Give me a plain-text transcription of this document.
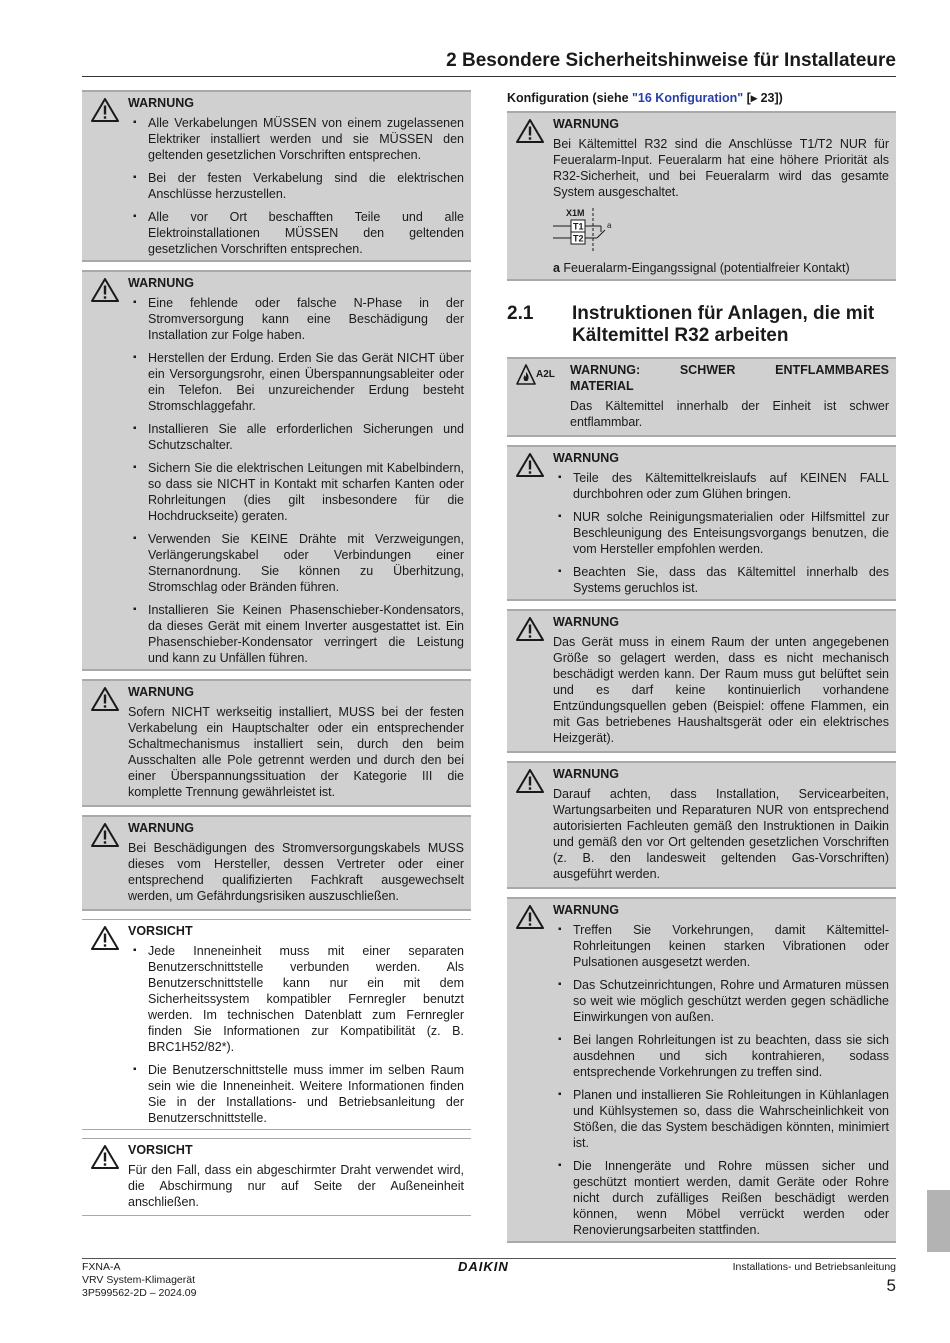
2 Besondere Sicherheitshinweise für Installateure
WARNUNG
▪ Alle Verkabelungen MÜSSEN von einem zugelassenen Elektriker installiert werden und sie MÜSSEN den geltenden gesetzlichen Vorschriften entsprechen.
▪ Bei der festen Verkabelung sind die elektrischen Anschlüsse herzustellen.
▪ Alle vor Ort beschafften Teile und alle Elektroinstallationen MÜSSEN den geltenden gesetzlichen Vorschriften entsprechen.
WARNUNG
▪ Eine fehlende oder falsche N-Phase in der Stromversorgung kann eine Beschädigung der Installation zur Folge haben.
▪ Herstellen der Erdung. Erden Sie das Gerät NICHT über ein Versorgungsrohr, einen Überspannungsableiter oder ein Telefon. Bei unzureichender Erdung besteht Stromschlaggefahr.
▪ Installieren Sie alle erforderlichen Sicherungen und Schutzschalter.
▪ Sichern Sie die elektrischen Leitungen mit Kabelbindern, so dass sie NICHT in Kontakt mit scharfen Kanten oder Rohrleitungen (dies gilt insbesondere für die Hochdruckseite) geraten.
▪ Verwenden Sie KEINE Drähte mit Verzweigungen, Verlängerungskabel oder Verbindungen einer Sternanordnung. Sie können zu Überhitzung, Stromschlag oder Bränden führen.
▪ Installieren Sie Keinen Phasenschieber-Kondensators, da dieses Gerät mit einem Inverter ausgestattet ist. Ein Phasenschieber-Kondensator verringert die Leistung und kann zu Unfällen führen.
WARNUNG

Sofern NICHT werkseitig installiert, MUSS bei der festen Verkabelung ein Hauptschalter oder ein entsprechender Schaltmechanismus installiert sein, durch den beim Ausschalten alle Pole getrennt werden und durch den bei einer Überspannungssituation der Kategorie III die komplette Trennung gewährleistet ist.

WARNUNG

Bei Beschädigungen des Stromversorgungskabels MUSS dieses vom Hersteller, dessen Vertreter oder einer entsprechend qualifizierten Fachkraft ausgewechselt werden, um Gefährdungsrisiken auszuschließen.

VORSICHT
▪ Jede Inneneinheit muss mit einer separaten Benutzerschnittstelle verbunden werden. Als Benutzerschnittstelle kann nur ein mit dem Sicherheitssystem kompatibler Fernregler benutzt werden. Im technischen Datenblatt zum Fernregler finden Sie Informationen zur Kompatibilität (z. B. BRC1H52/82*).
▪ Die Benutzerschnittstelle muss immer im selben Raum sein wie die Inneneinheit. Weitere Informationen finden Sie in der Installations- und Betriebsanleitung der Benutzerschnittstelle.
VORSICHT

Für den Fall, dass ein abgeschirmter Draht verwendet wird, die Abschirmung nur auf Seite der Außeneinheit anschließen.

Konfiguration (siehe "16 Konfiguration" [▸ 23])
WARNUNG

Bei Kältemittel R32 sind die Anschlüsse T1/T2 NUR für Feueralarm-Input. Feueralarm hat eine höhere Priorität als R32-Sicherheit, und bei Feueralarm wird das gesamte System ausgeschaltet.

X1M
T1
T2
a
a Feueralarm-Eingangssignal (potentialfreier Kontakt)
2.1 Instruktionen für Anlagen, die mit Kältemittel R32 arbeiten
A2L WARNUNG:	SCHWER	ENTFLAMMBARES
MATERIAL

Das Kältemittel innerhalb der Einheit ist schwer entflammbar.

WARNUNG
▪ Teile des Kältemittelkreislaufs auf KEINEN FALL durchbohren oder zum Glühen bringen.
▪ NUR solche Reinigungsmaterialien oder Hilfsmittel zur Beschleunigung des Enteisungsvorgangs benutzen, die vom Hersteller empfohlen werden.
▪ Beachten Sie, dass das Kältemittel innerhalb des Systems geruchlos ist.
WARNUNG

Das Gerät muss in einem Raum der unten angegebenen Größe so gelagert werden, dass es nicht mechanisch beschädigt werden kann. Der Raum muss gut belüftet sein und es darf keine kontinuierlich vorhandene Entzündungsquellen geben (Beispiel: offene Flammen, ein mit Gas betriebenes Haushaltsgerät oder ein elektrisches Heizgerät).

WARNUNG

Darauf achten, dass Installation, Servicearbeiten, Wartungsarbeiten und Reparaturen NUR von entsprechend autorisierten Fachleuten gemäß den Instruktionen in Daikin und gemäß den vor Ort geltenden gesetzlichen Vorschriften (z. B. den landesweit geltenden Gas-Vorschriften) ausgeführt werden.

WARNUNG
▪ Treffen Sie Vorkehrungen, damit Kältemittel-Rohrleitungen keinen starken Vibrationen oder Pulsationen ausgesetzt werden.
▪ Das Schutzeinrichtungen, Rohre und Armaturen müssen so weit wie möglich geschützt werden gegen schädliche Einwirkungen von außen.
▪ Bei langen Rohrleitungen ist zu beachten, dass sie sich ausdehnen und sich kontrahieren, sodass entsprechende Vorkehrungen zu treffen sind.
▪ Planen und installieren Sie Rohleitungen in Kühlanlagen und Kühlsystemen so, dass die Wahrscheinlichkeit von Stößen, die das System beschädigen könnten, minimiert ist.
▪ Die Innengeräte und Rohre müssen sicher und geschützt montiert werden, damit Geräte oder Rohre nicht durch zufälliges Reißen beschädigt werden können, wenn Möbel verrückt werden oder Renovierungsarbeiten stattfinden.
FXNA-A
VRV System-Klimagerät
3P599562-2D – 2024.09
DAIKIN	Installations- und Betriebsanleitung
5
